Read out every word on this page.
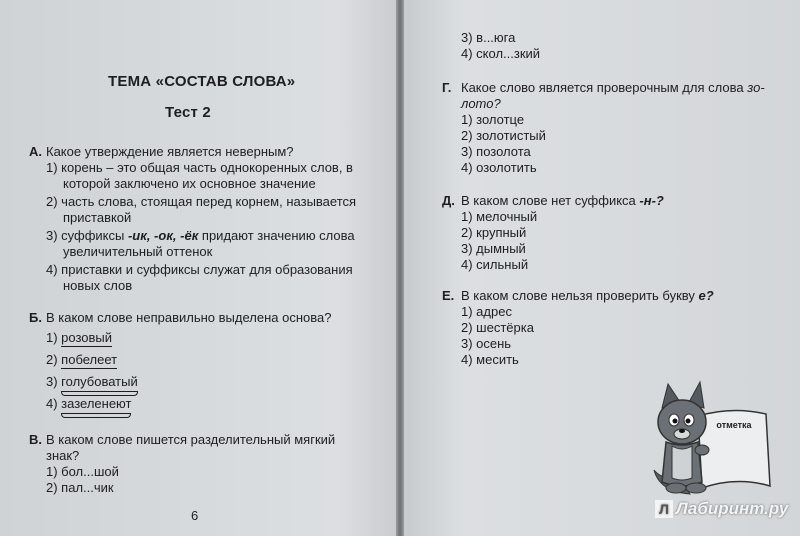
ТЕМА «СОСТАВ СЛОВА»
Тест 2
А. Какое утверждение является неверным?
1) корень – это общая часть однокоренных слов, в
которой заключено их основное значение
2) часть слова, стоящая перед корнем, называется
приставкой
3) суффиксы -ик, -ок, -ёк придают значению слова
увеличительный оттенок
4) приставки и суффиксы служат для образования
новых слов
Б. В каком слове неправильно выделена основа?
1) розовый
2) побелеет
3) голубоватый
4) зазеленеют
В. В каком слове пишется разделительный мягкий
знак?
1) бол...шой
2) пал...чик
6
3) в...юга
4) скол...зкий
Г. Какое слово является проверочным для слова зо-
лото?
1) золотце
2) золотистый
3) позолота
4) озолотить
Д. В каком слове нет суффикса -н-?
1) мелочный
2) крупный
3) дымный
4) сильный
Е. В каком слове нельзя проверить букву е?
1) адрес
2) шестёрка
3) осень
4) месить
отметка
Л Лабиринт.ру
